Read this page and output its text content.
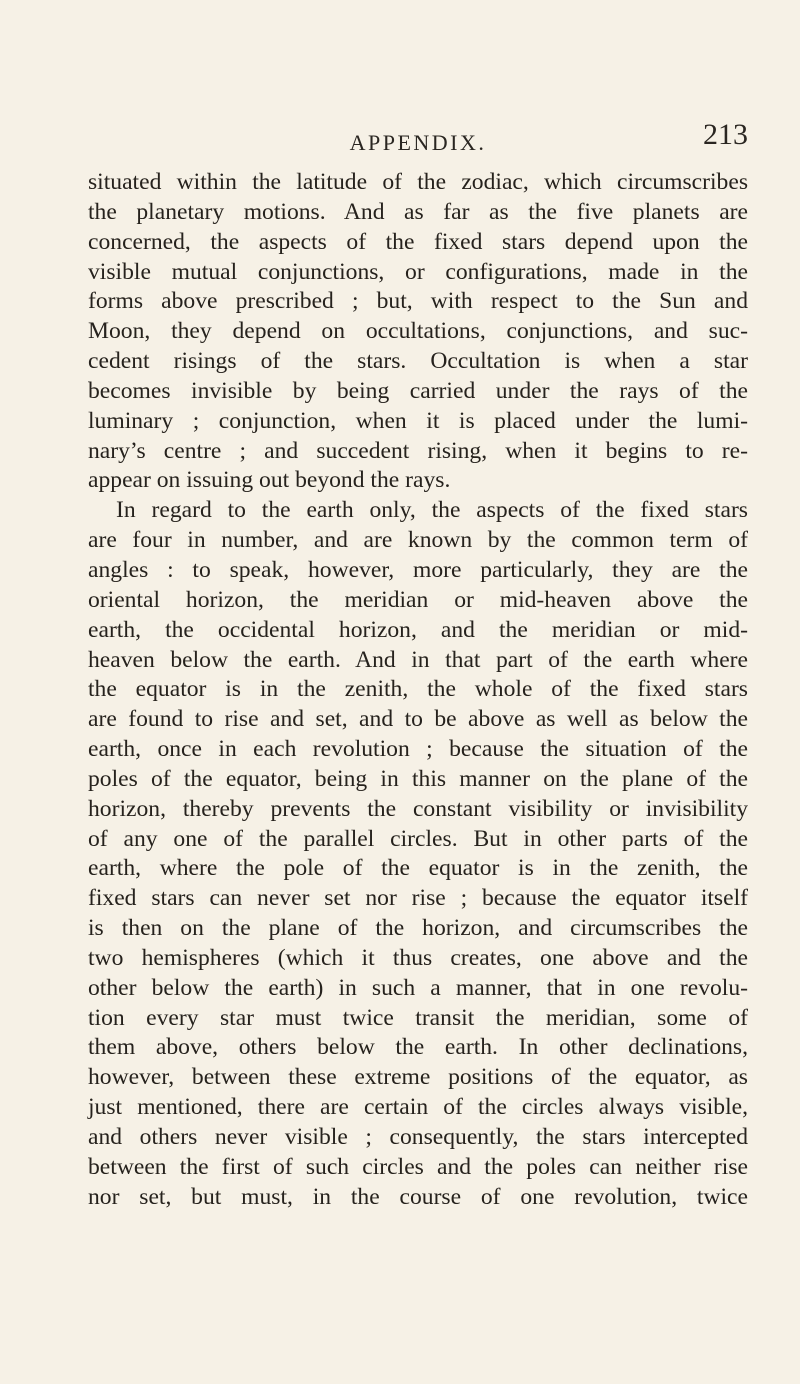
APPENDIX.	213
situated within the latitude of the zodiac, which circumscribes
the planetary motions. And as far as the five planets are
concerned, the aspects of the fixed stars depend upon the
visible mutual conjunctions, or configurations, made in the
forms above prescribed ; but, with respect to the Sun and
Moon, they depend on occultations, conjunctions, and suc-
cedent risings of the stars. Occultation is when a star
becomes invisible by being carried under the rays of the
luminary ; conjunction, when it is placed under the lumi-
nary’s centre ; and succedent rising, when it begins to re-
appear on issuing out beyond the rays.
In regard to the earth only, the aspects of the fixed stars
are four in number, and are known by the common term of
angles : to speak, however, more particularly, they are the
oriental horizon, the meridian or mid-heaven above the
earth, the occidental horizon, and the meridian or mid-
heaven below the earth. And in that part of the earth where
the equator is in the zenith, the whole of the fixed stars
are found to rise and set, and to be above as well as below the
earth, once in each revolution ; because the situation of the
poles of the equator, being in this manner on the plane of the
horizon, thereby prevents the constant visibility or invisibility
of any one of the parallel circles. But in other parts of the
earth, where the pole of the equator is in the zenith, the
fixed stars can never set nor rise ; because the equator itself
is then on the plane of the horizon, and circumscribes the
two hemispheres (which it thus creates, one above and the
other below the earth) in such a manner, that in one revolu-
tion every star must twice transit the meridian, some of
them above, others below the earth. In other declinations,
however, between these extreme positions of the equator, as
just mentioned, there are certain of the circles always visible,
and others never visible ; consequently, the stars intercepted
between the first of such circles and the poles can neither rise
nor set, but must, in the course of one revolution, twice
